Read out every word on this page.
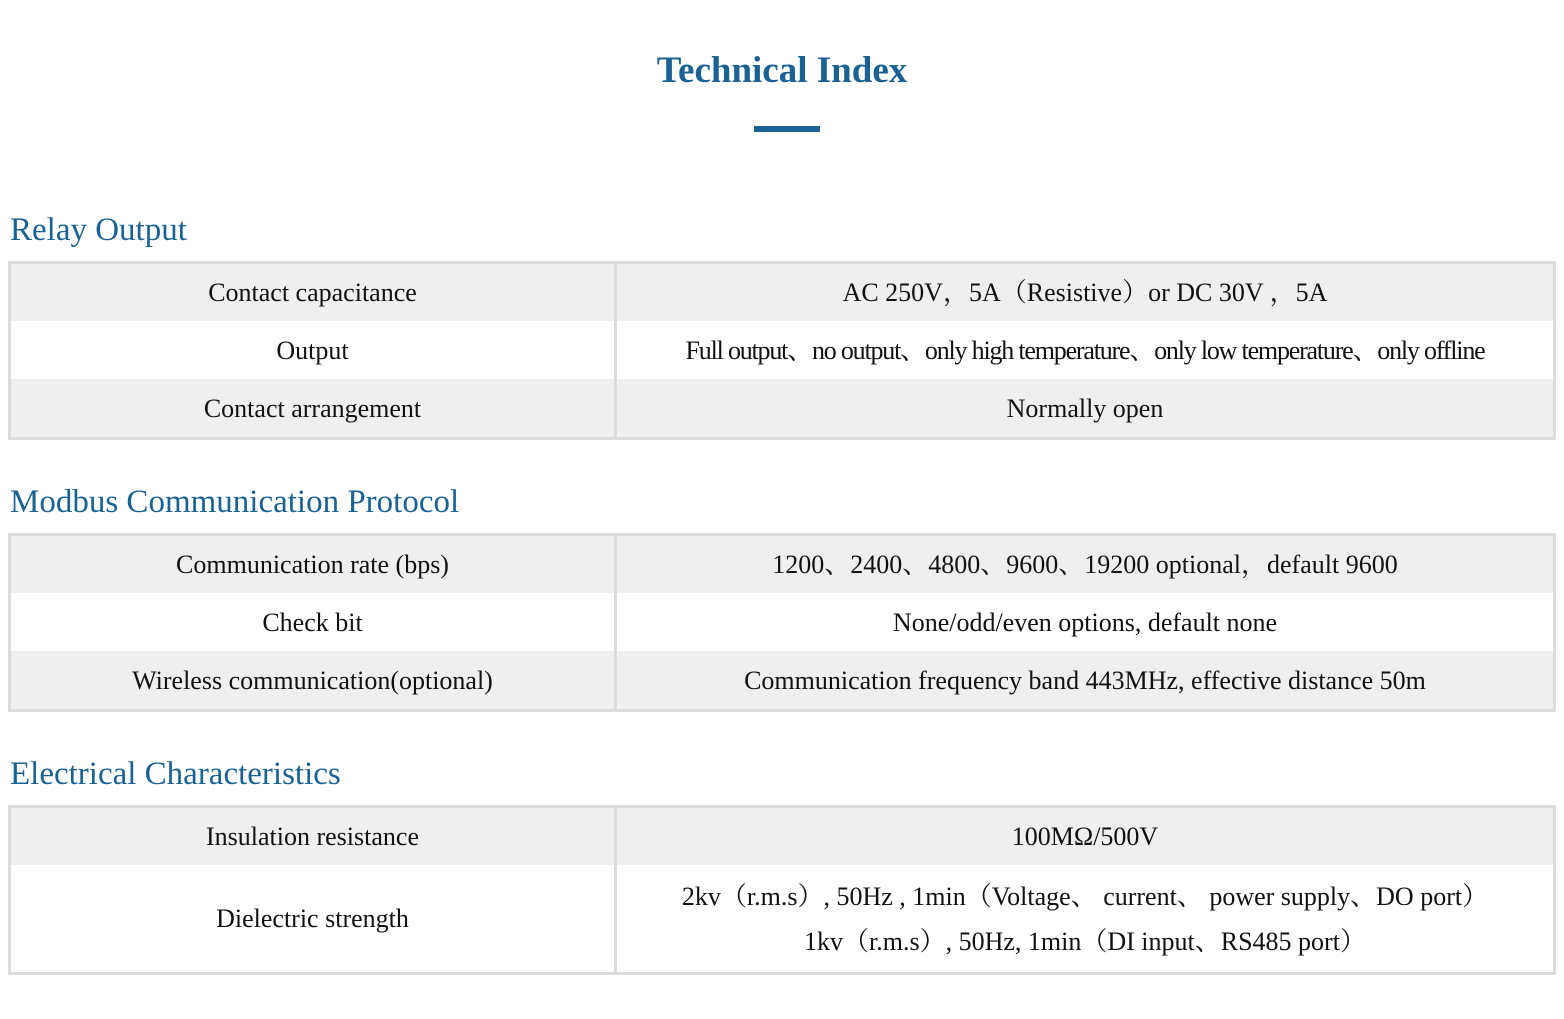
Technical Index
Relay Output
Contact capacitance	AC 250V，5A（Resistive）or DC 30V ，5A
Output	Full output、no output、only high temperature、only low temperature、only offline
Contact arrangement	Normally open
Modbus Communication Protocol
Communication rate (bps)	1200、2400、4800、9600、19200 optional，default 9600
Check bit	None/odd/even options, default none
Wireless communication(optional)	Communication frequency band 443MHz, effective distance 50m
Electrical Characteristics
Insulation resistance	100MΩ/500V
Dielectric strength	2kv（r.m.s）, 50Hz , 1min（Voltage、 current、 power supply、DO port）
1kv（r.m.s）, 50Hz, 1min（DI input、RS485 port）
